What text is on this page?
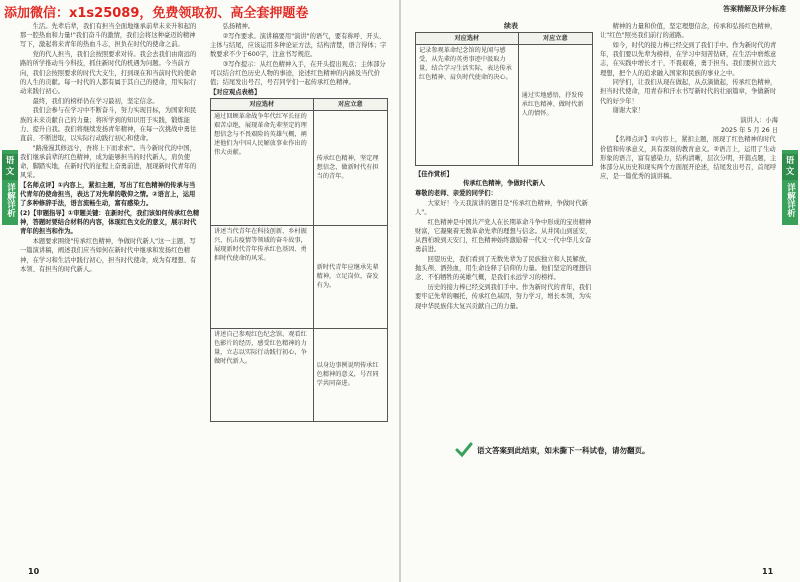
添加微信：x1s25089，免费领取初、高全套押题卷	答案精解及评分标准

生活。先辈后辈，我们有担当全面地继承前辈未来升和起的那一腔热血和力量!"我们奋斗的激情，我们会将这种豪迈的精神写下，激起将来青年的热血斗志，担负在时代的使命之前。

党的代人担当，我们会按照要求对待。我会去我们由南远的路的所学推动当今科技，抓住新时代的机遇为问题。今当前方向，我们会按照要求的时代大支生，打到现在和当前时代的使命的人生的贡献。每一时代的人都有属于其自己的使命，用实际行动来践行初心。

最终，我们的榜样仍在学习最初，坚定信念。

我们会参与在学习中不断奋斗，努力实现目标，为国家和民族的未来贡献自己的力量；将所学到的知识用于实践，锻炼能力、提升自我。我们将继续发扬青年精神，在每一次挑战中勇往直前、不断进取，以实际行动践行初心和使命。

"路漫漫其修远兮，吾将上下而求索"。当今新时代的中国，我们继承前辈的红色精神，成为能够担当的时代新人，肩负使命，脚踏实地，在新时代的征程上奋勇前进，展现新时代青年的风采。

【名师点评】①内容上，紧扣主题，写出了红色精神的传承与当代青年的使命担当，表达了对先辈的敬仰之情。②语言上，运用了多种修辞手法，语言流畅生动，富有感染力。

(2)【审题指导】①审题关键：在新时代，我们该如何传承红色精神，答题时要结合材料的内容，体现红色文化的意义，展示时代青年的担当和作为。

本题要求围绕"传承红色精神，争做时代新人"这一主题，写一篇演讲稿，阐述我们应当如何在新时代中继承和发扬红色精神，在学习和生活中践行初心，担当时代使命，成为有理想、有本领、有担当的时代新人。

弘扬精神。

②写作要求。演讲稿要用"演讲"的语气，要有称呼、开头、主体与结尾，应该运用多种论证方法，结构清楚，语言得体；字数要求不少于600字，注意书写规范。

③写作提示：从红色精神入手，在开头提出观点；主体部分可以结合红色历史人物的事迹，论述红色精神的内涵及当代价值；结尾发出号召，号召同学们一起传承红色精神。

【对应观点表格】

对应选材	对应立意
通过回顾革命战争年代红军长征的艰苦卓绝，展现革命先辈坚定的理想信念与不畏艰险的英雄气概，阐述他们为中国人民解放事业作出的伟大贡献。	传承红色精神，坚定理想信念，做新时代有担当的青年。
讲述当代青年在科技创新、乡村振兴、抗击疫情等领域的奋斗故事，展现新时代青年传承红色基因、勇担时代使命的风采。	新时代青年应继承先辈精神，立足岗位，奋发有为。
讲述自己参观红色纪念馆、观看红色影片的经历，感受红色精神的力量，立志以实际行动践行初心，争做时代新人。	以身边事例说明传承红色精神的意义，号召同学共同奋进。
语文
详解详析
10

续表

对应选材	对应立意
记录参观革命纪念馆的见闻与感受，从先辈的英勇事迹中汲取力量，结合学习生活实际，表达传承红色精神、肩负时代使命的决心。	通过实地感悟，抒发传承红色精神、做时代新人的情怀。

【佳作赏析】

传承红色精神，争做时代新人

尊敬的老师、亲爱的同学们：

大家好！今天我演讲的题目是"传承红色精神，争做时代新人"。

红色精神是中国共产党人在长期革命斗争中形成的宝贵精神财富，它凝聚着无数革命先辈的理想与信念。从井冈山到延安，从西柏坡到天安门，红色精神始终激励着一代又一代中华儿女奋勇前进。

回望历史，我们看到了无数先辈为了民族独立和人民解放，抛头颅、洒热血，用生命诠释了信仰的力量。他们坚定的理想信念、不怕牺牲的英雄气概，是我们永远学习的榜样。

历史的接力棒已经交到我们手中。作为新时代的青年，我们要牢记先辈的嘱托，传承红色基因，努力学习，增长本领，为实现中华民族伟大复兴贡献自己的力量。

精神的力量和价值，坚定理想信念，传承和弘扬红色精神，让"红色"照亮我们前行的道路。

如今，时代的接力棒已经交到了我们手中。作为新时代的青年，我们要以先辈为榜样，在学习中刻苦钻研，在生活中磨炼意志，在实践中增长才干，不畏艰难，勇于担当。我们要树立远大理想，把个人的追求融入国家和民族的事业之中。

同学们，让我们从现在做起，从点滴做起，传承红色精神，担当时代使命，用青春和汗水书写新时代的壮丽篇章，争做新时代的好少年！

谢谢大家！

演讲人：小海

2025 年 5 月 26 日

【名师点评】①内容上，紧扣主题，展现了红色精神的时代价值和传承意义，具有深刻的教育意义。②语言上，运用了生动形象的语言，富有感染力，结构清晰，层次分明，开篇点题，主体部分从历史和现实两个方面展开论述，结尾发出号召，首尾呼应，是一篇优秀的演讲稿。

语文
详解详析
语文答案到此结束，如未撕下一科试卷，请勿翻页。
11
